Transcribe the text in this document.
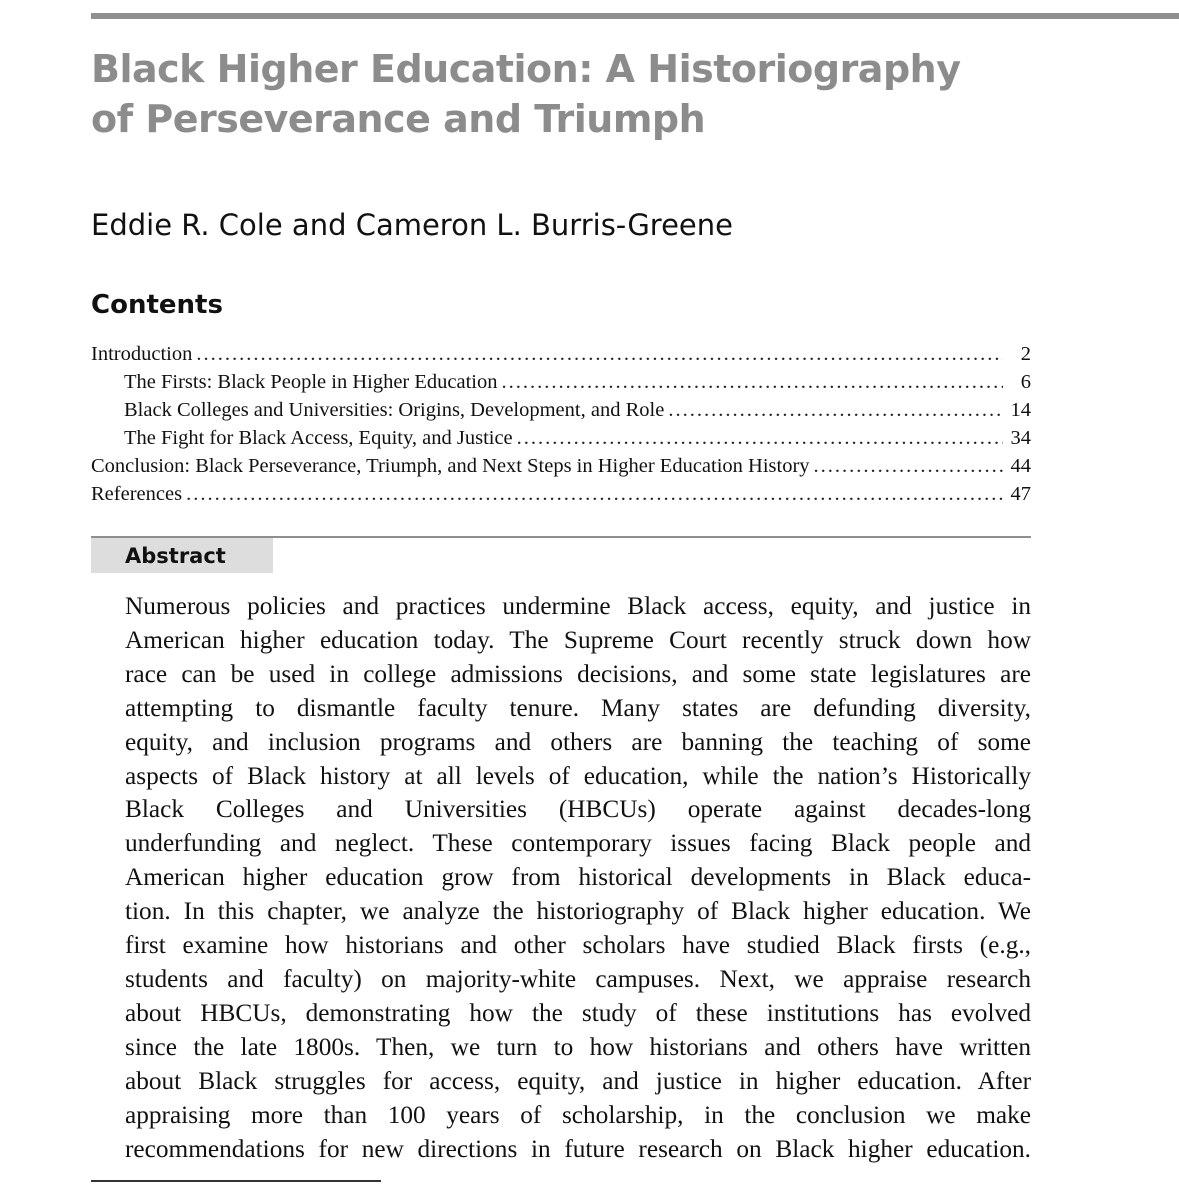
Black Higher Education: A Historiography
of Perseverance and Triumph
Eddie R. Cole and Cameron L. Burris-Greene
Contents
Introduction .....	2
The Firsts: Black People in Higher Education .....	6
Black Colleges and Universities: Origins, Development, and Role .....	14
The Fight for Black Access, Equity, and Justice .....	34
Conclusion: Black Perseverance, Triumph, and Next Steps in Higher Education History .....	44
References .....	47
Abstract

Numerous policies and practices undermine Black access, equity, and justice in
American higher education today. The Supreme Court recently struck down how
race can be used in college admissions decisions, and some state legislatures are
attempting to dismantle faculty tenure. Many states are defunding diversity,
equity, and inclusion programs and others are banning the teaching of some
aspects of Black history at all levels of education, while the nation’s Historically
Black Colleges and Universities (HBCUs) operate against decades-long
underfunding and neglect. These contemporary issues facing Black people and
American higher education grow from historical developments in Black educa-
tion. In this chapter, we analyze the historiography of Black higher education. We
first examine how historians and other scholars have studied Black firsts (e.g.,
students and faculty) on majority-white campuses. Next, we appraise research
about HBCUs, demonstrating how the study of these institutions has evolved
since the late 1800s. Then, we turn to how historians and others have written
about Black struggles for access, equity, and justice in higher education. After
appraising more than 100 years of scholarship, in the conclusion we make
recommendations for new directions in future research on Black higher education.
